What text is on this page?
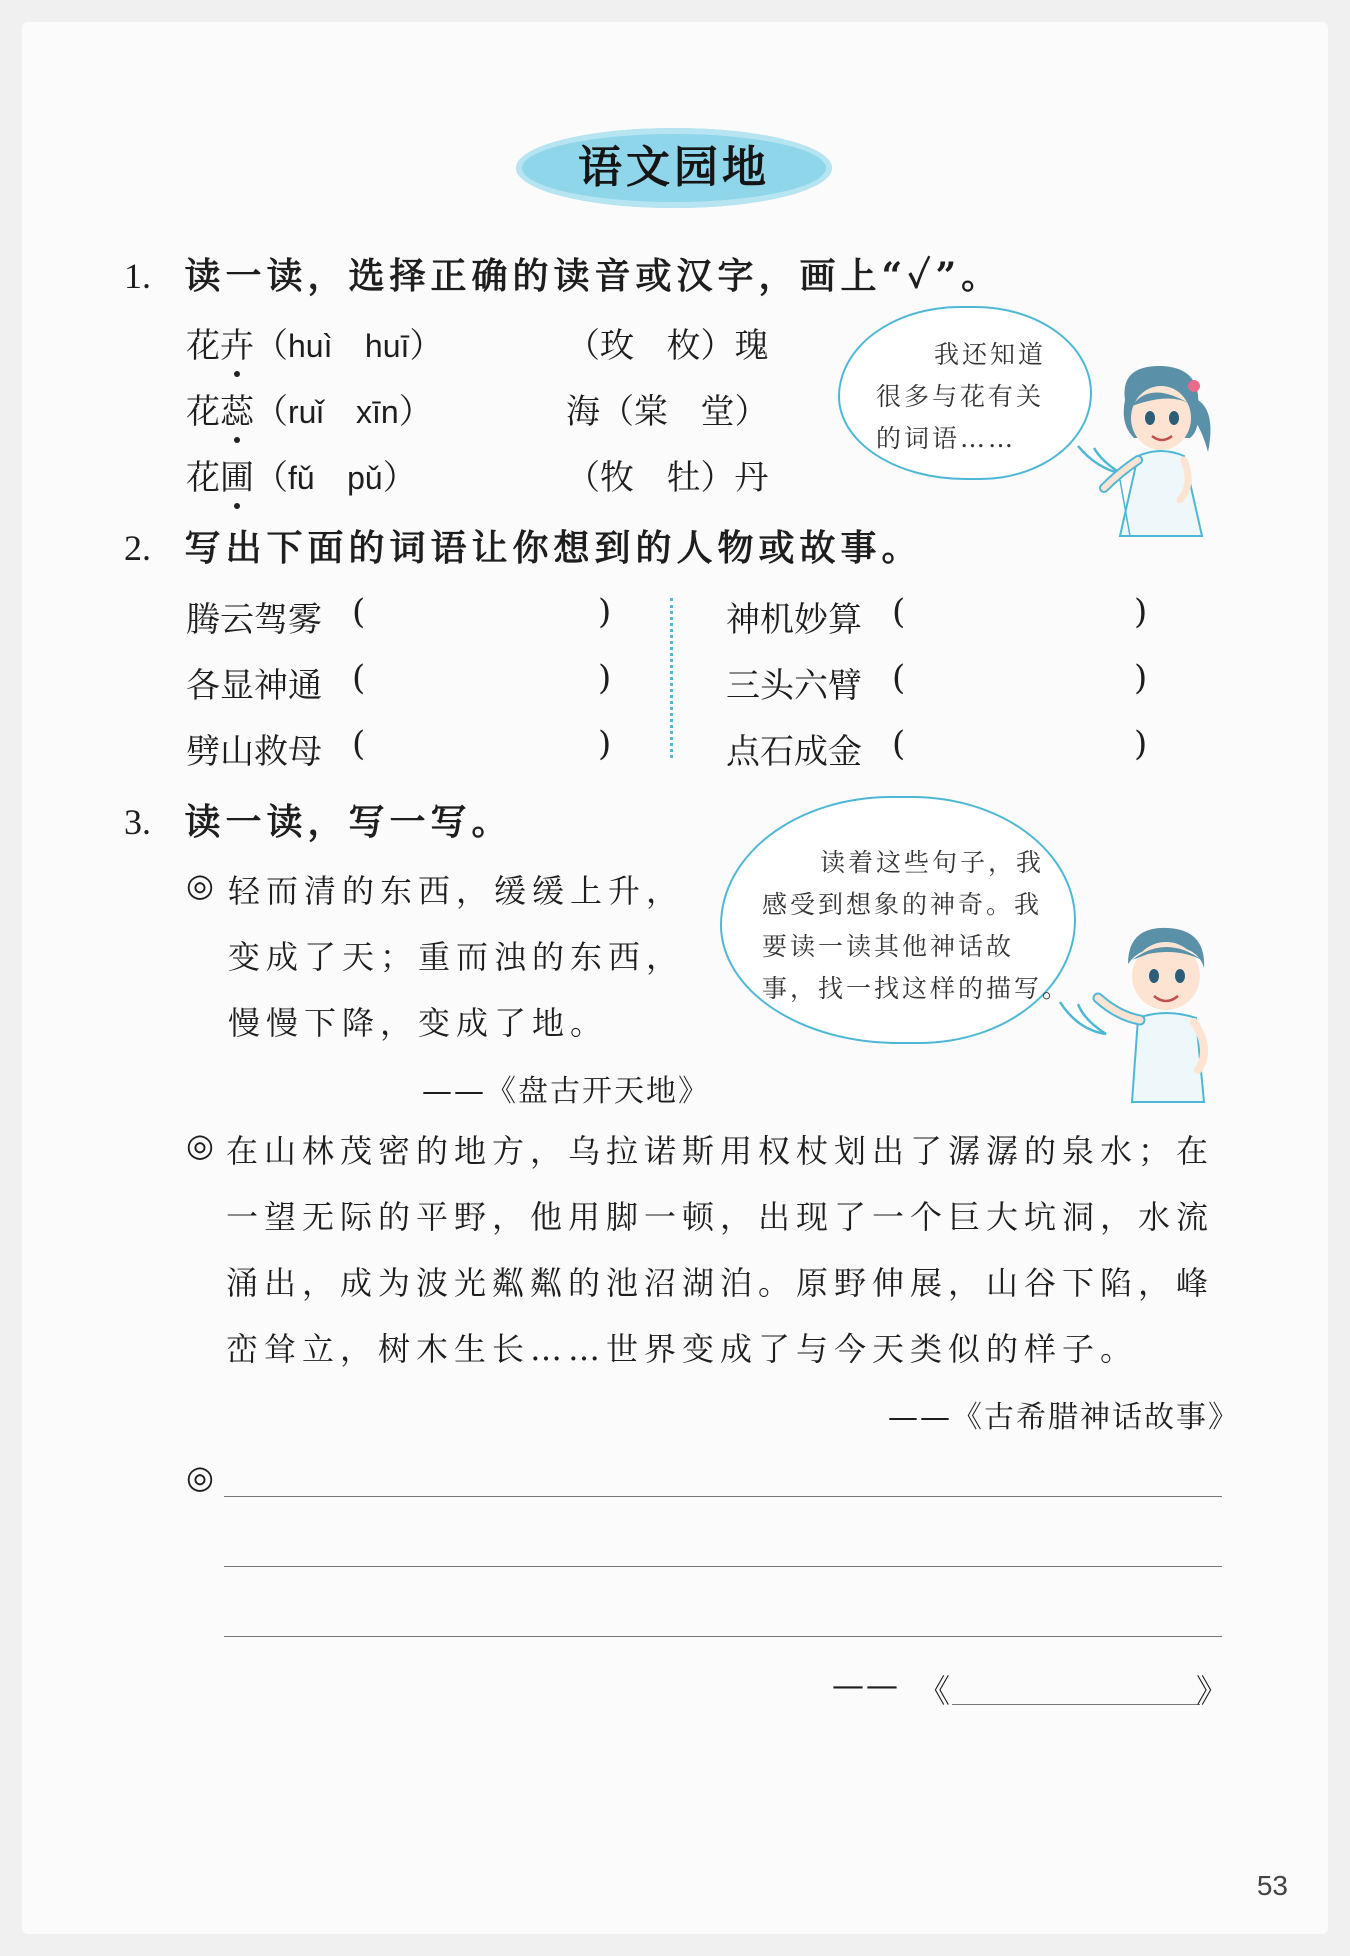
语文园地
1. 读一读，选择正确的读音或汉字，画上“✓”。
花卉（huì huī）
花蕊（ruǐ xīn）
花圃（fǔ pǔ）
（玫 枚）瑰
海（棠 堂）
（牧 牡）丹
我还知道
很多与花有关
的词语……
2. 写出下面的词语让你想到的人物或故事。
腾云驾雾
各显神通
劈山救母
(
(
(
)
)
)
神机妙算
三头六臂
点石成金
(
(
(
)
)
)
3. 读一读，写一写。
◎ 轻而清的东西，缓缓上升，
变成了天；重而浊的东西，
慢慢下降，变成了地。
——《盘古开天地》
读着这些句子，我
感受到想象的神奇。我
要读一读其他神话故
事，找一找这样的描写。
◎ 在山林茂密的地方，乌拉诺斯用权杖划出了潺潺的泉水；在
一望无际的平野，他用脚一顿，出现了一个巨大坑洞，水流
涌出，成为波光粼粼的池沼湖泊。原野伸展，山谷下陷，峰
峦耸立，树木生长……世界变成了与今天类似的样子。
——《古希腊神话故事》
◎
—— 《	》
53
